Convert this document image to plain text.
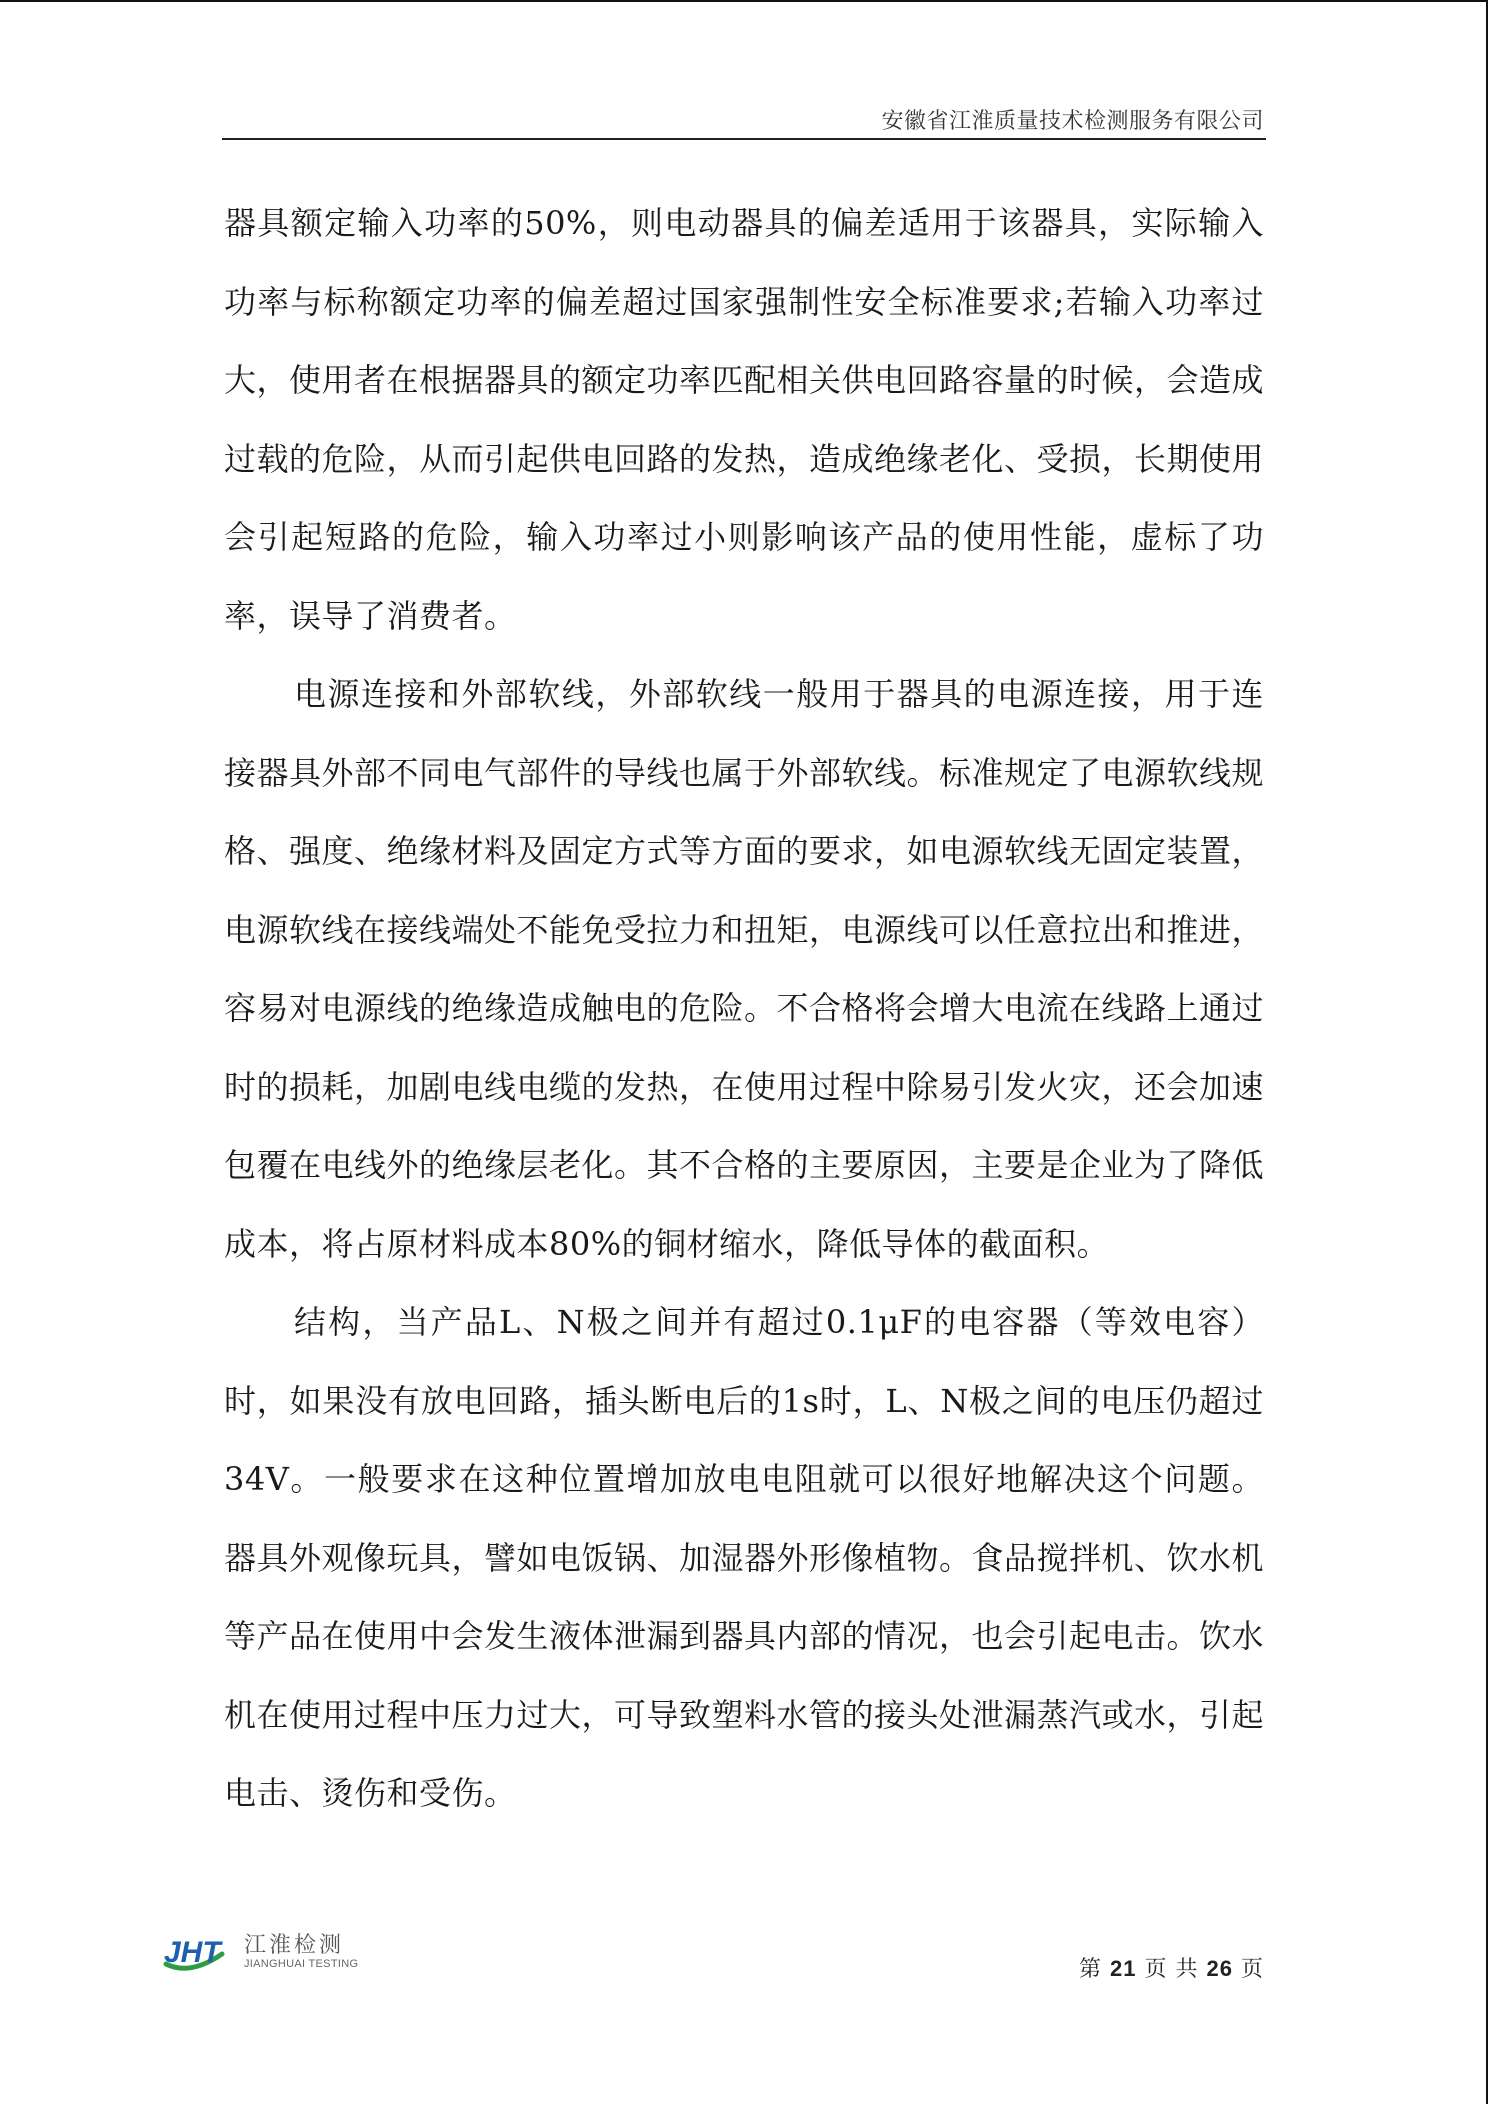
安徽省江淮质量技术检测服务有限公司

器具额定输入功率的50%，则电动器具的偏差适用于该器具，实际输入功率与标称额定功率的偏差超过国家强制性安全标准要求;若输入功率过大，使用者在根据器具的额定功率匹配相关供电回路容量的时候，会造成过载的危险，从而引起供电回路的发热，造成绝缘老化、受损，长期使用会引起短路的危险，输入功率过小则影响该产品的使用性能，虚标了功率，误导了消费者。

电源连接和外部软线，外部软线一般用于器具的电源连接，用于连接器具外部不同电气部件的导线也属于外部软线。标准规定了电源软线规格、强度、绝缘材料及固定方式等方面的要求，如电源软线无固定装置，电源软线在接线端处不能免受拉力和扭矩，电源线可以任意拉出和推进，容易对电源线的绝缘造成触电的危险。不合格将会增大电流在线路上通过时的损耗，加剧电线电缆的发热，在使用过程中除易引发火灾，还会加速包覆在电线外的绝缘层老化。其不合格的主要原因，主要是企业为了降低成本，将占原材料成本80%的铜材缩水，降低导体的截面积。

结构，当产品L、N极之间并有超过0.1μF的电容器（等效电容）时，如果没有放电回路，插头断电后的1s时，L、N极之间的电压仍超过34V。一般要求在这种位置增加放电电阻就可以很好地解决这个问题。器具外观像玩具，譬如电饭锅、加湿器外形像植物。食品搅拌机、饮水机等产品在使用中会发生液体泄漏到器具内部的情况，也会引起电击。饮水机在使用过程中压力过大，可导致塑料水管的接头处泄漏蒸汽或水，引起电击、烫伤和受伤。

JHT 江淮检测
JIANGHUAI TESTING	第 21 页 共 26 页
